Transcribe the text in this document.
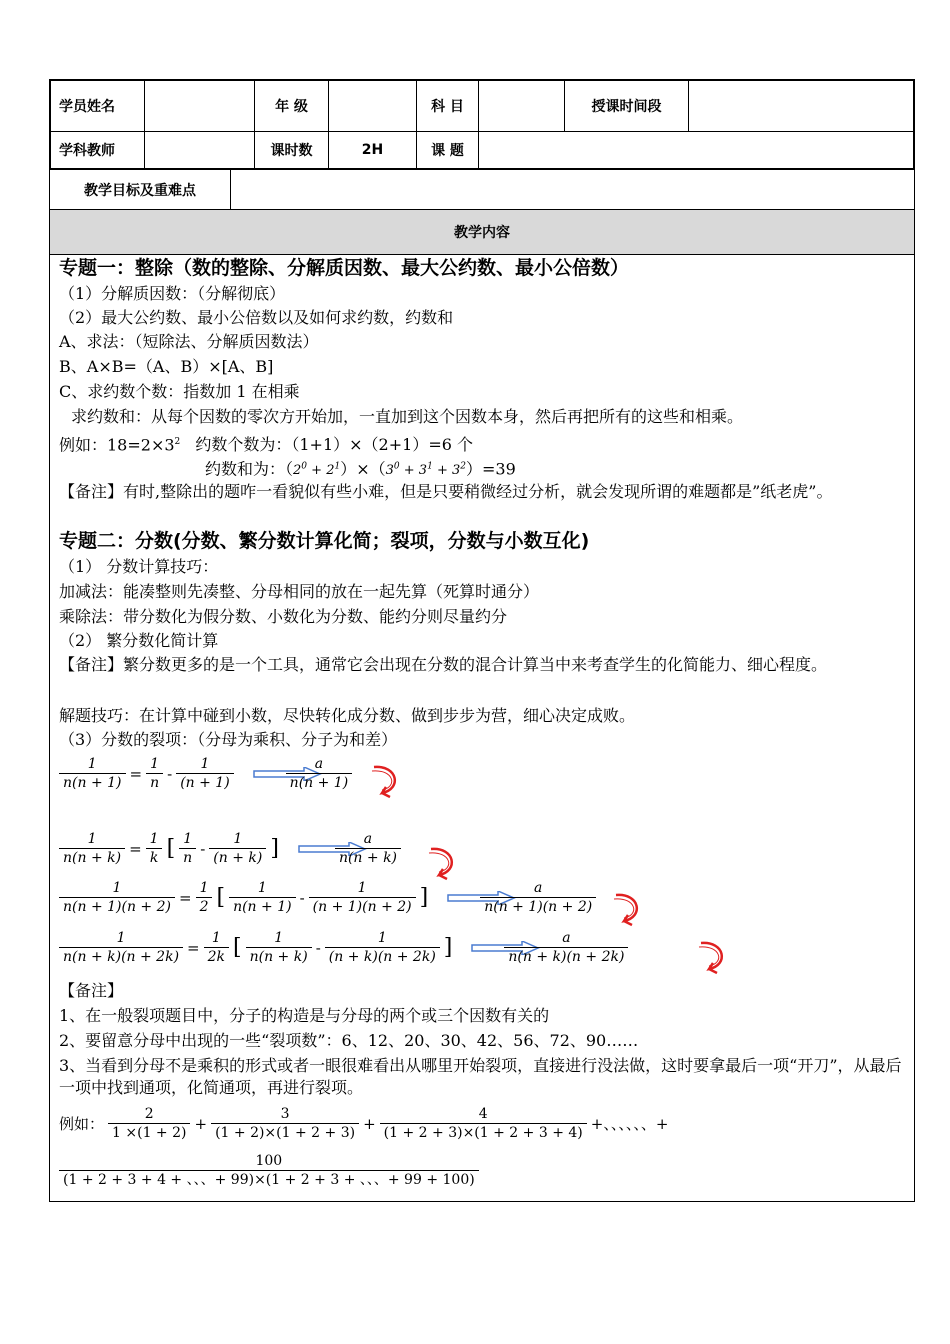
学员姓名		年 级		科 目		授课时间段	
学科教师		课时数	2H	课 题			
教学目标及重难点
教学内容
专题一：整除（数的整除、分解质因数、最大公约数、最小公倍数）
（1）分解质因数：（分解彻底）
（2）最大公约数、最小公倍数以及如何求约数，约数和
A、求法：（短除法、分解质因数法）
B、A×B=（A、B）×[A、B]
C、求约数个数：指数加 1 在相乘
求约数和：从每个因数的零次方开始加，一直加到这个因数本身，然后再把所有的这些和相乘。
例如：$18=2\times 3^2$ 约数个数为：（1+1）×（2+1）=6 个
约数和为：$(2^0 + 2^1)\times(3^0 + 3^1 + 3^2)=39$
【备注】有时,整除出的题咋一看貌似有些小难，但是只要稍微经过分析，就会发现所谓的难题都是”纸老虎”。
专题二：分数(分数、繁分数计算化简；裂项，分数与小数互化)
（1） 分数计算技巧：
加减法：能凑整则先凑整、分母相同的放在一起先算（死算时通分）
乘除法：带分数化为假分数、小数化为分数、能约分则尽量约分
（2） 繁分数化简计算
【备注】繁分数更多的是一个工具，通常它会出现在分数的混合计算当中来考查学生的化简能力、细心程度。
解题技巧：在计算中碰到小数，尽快转化成分数、做到步步为营，细心决定成败。
（3）分数的裂项：（分母为乘积、分子为和差）
$\frac{1}{n(n + 1)} = \frac{1}{n} - \frac{1}{(n + 1)}$	$\frac{a}{n(n + 1)}$
$\frac{1}{n(n + k)} = \frac{1}{k}$ [ $\frac{1}{n} - \frac{1}{(n + k)}$ ]	$\frac{a}{n(n + k)}$
$\frac{1}{n(n + 1)(n + 2)} = \frac{1}{2}$ [ $\frac{1}{n(n + 1)} - \frac{1}{(n + 1)(n + 2)}$ ]	$\frac{a}{n(n + 1)(n + 2)}$
$\frac{1}{n(n + k)(n + 2k)} = \frac{1}{2k}$ [ $\frac{1}{n(n + k)} - \frac{1}{(n + k)(n + 2k)}$ ]	$\frac{a}{n(n + k)(n + 2k)}$
【备注】
1、在一般裂项题目中，分子的构造是与分母的两个或三个因数有关的
2、要留意分母中出现的一些“裂项数”：6、12、20、30、42、56、72、90……
3、当看到分母不是乘积的形式或者一眼很难看出从哪里开始裂项，直接进行没法做，这时要拿最后一项“开刀”，从最后一项中找到通项，化简通项，再进行裂项。
例如： $\frac{2}{1 \times(1 + 2)} + \frac{3}{(1 + 2)\times(1 + 2 + 3)} + \frac{4}{(1 + 2 + 3)\times(1 + 2 + 3 + 4)}$ +、、、、、、+
$\frac{100}{(1 + 2 + 3 + 4 + 、、、+ 99)\times(1 + 2 + 3 + 、、、+ 99 + 100)}$
